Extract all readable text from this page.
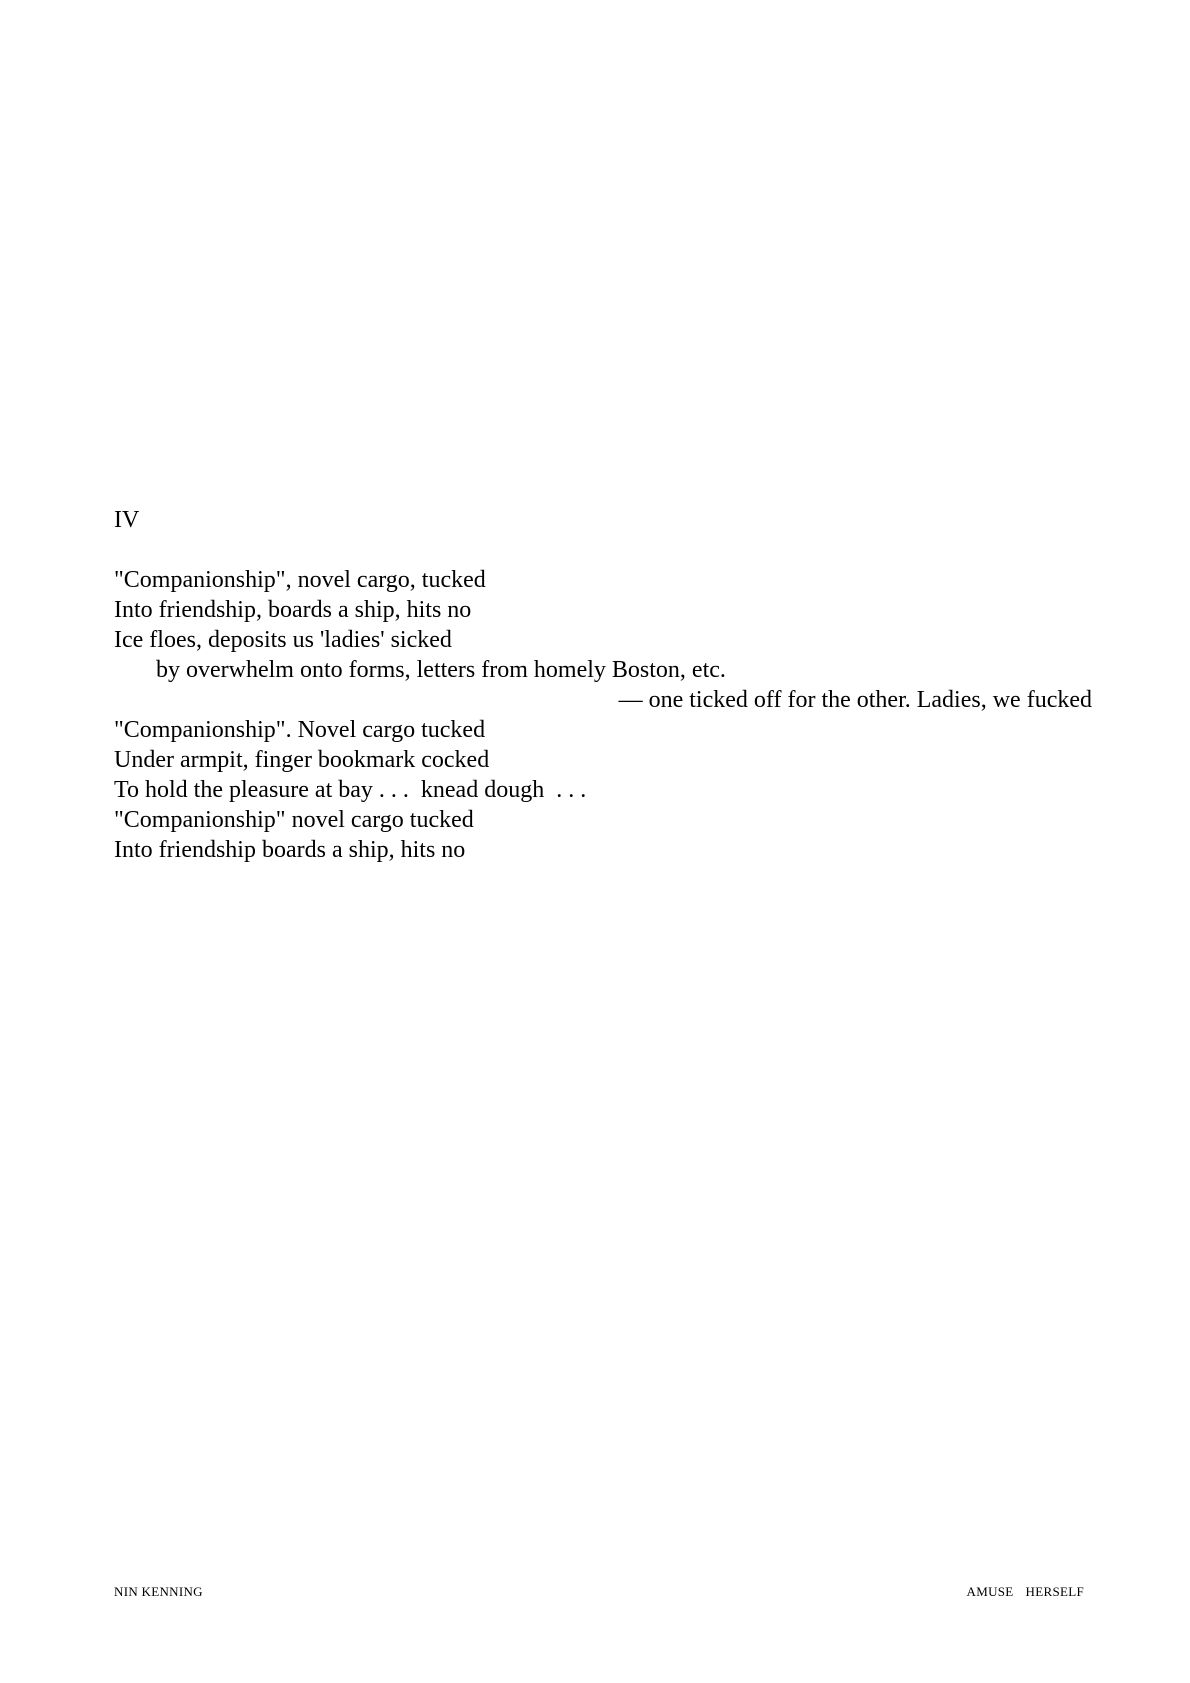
IV
"Companionship", novel cargo, tucked
Into friendship, boards a ship, hits no
Ice floes, deposits us 'ladies' sicked
by overwhelm onto forms, letters from homely Boston, etc.
— one ticked off for the other. Ladies, we fucked
"Companionship". Novel cargo tucked
Under armpit, finger bookmark cocked
To hold the pleasure at bay . . .  knead dough  . . .
"Companionship" novel cargo tucked
Into friendship boards a ship, hits no
NIN KENNING	AMUSE HERSELF
